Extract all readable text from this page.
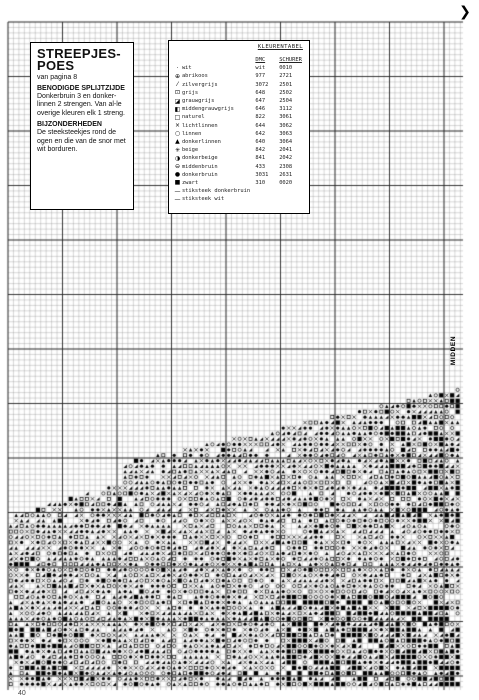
❯
STREEPJES-
POES
van pagina 8
BENODIGDE SPLIJTZIJDE
Donkerbruin 3 en donker-linnen 2 strengen. Van al-le overige kleuren elk 1 streng.
BIJZONDERHEDEN
De steeksteekjes rond de ogen en die van de snor met wit borduren.
KLEURENTABEL
DMC	SCHURER
· wit	wit	0010
⊕ abrikoos	977	2721
⁄ zilvergrijs	3072	2501
⊡ grijs	648	2502
◪ grauwgrijs	647	2504
◧ middengrauwgrijs	646	3112
□ naturel	822	3061
× lichtlinnen	644	3062
○ linnen	642	3063
▲ donkerlinnen	640	3064
✳ beige	842	2041
◑ donkerbeige	841	2042
⊖ middenbruin	433	2308
● donkerbruin	3031	2631
■ zwart	310	0020
— stiksteek donkerbruin
— stiksteek wit
MIDDEN
40
